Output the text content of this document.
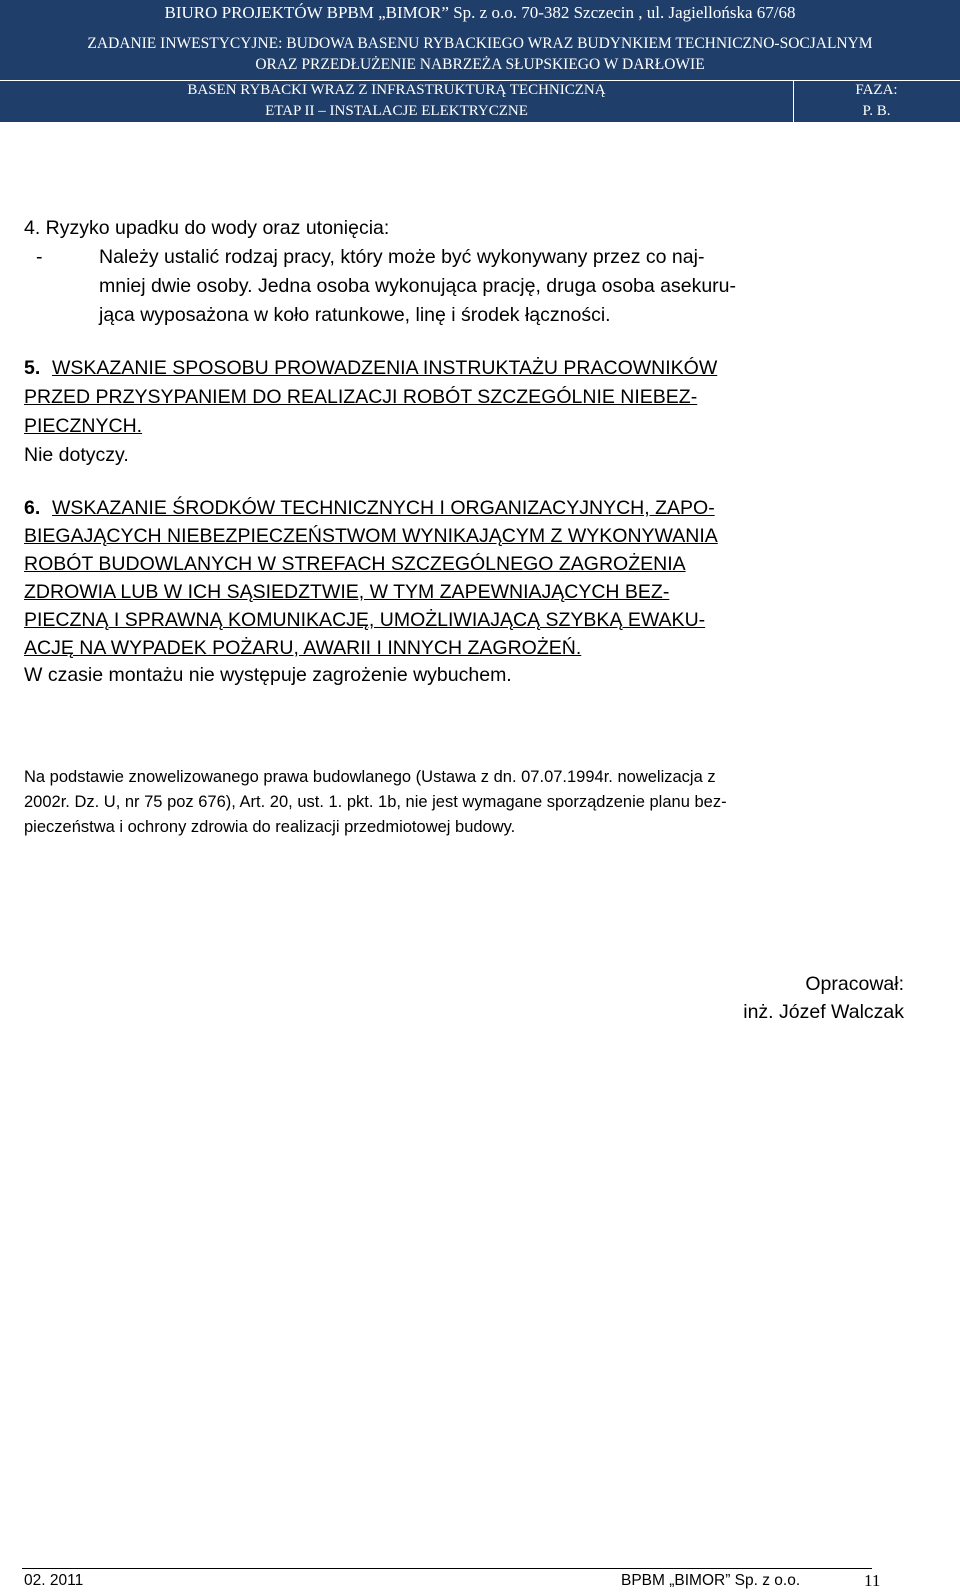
BIURO PROJEKTÓW BPBM „BIMOR” Sp. z o.o. 70-382 Szczecin , ul. Jagiellońska 67/68
ZADANIE INWESTYCYJNE: BUDOWA BASENU RYBACKIEGO WRAZ BUDYNKIEM TECHNICZNO-SOCJALNYM
ORAZ PRZEDŁUŻENIE NABRZEŻA SŁUPSKIEGO W DARŁOWIE
BASEN RYBACKI WRAZ Z INFRASTRUKTURĄ TECHNICZNĄ
ETAP II – INSTALACJE ELEKTRYCZNE
FAZA:
P. B.
4. Ryzyko upadku do wody oraz utonięcia:
-	Należy ustalić rodzaj pracy, który może być wykonywany przez co naj-
mniej dwie osoby. Jedna osoba wykonująca prację, druga osoba asekuru-
jąca wyposażona w koło ratunkowe, linę i środek łączności.
5. WSKAZANIE SPOSOBU PROWADZENIA INSTRUKTAŻU PRACOWNIKÓW
PRZED PRZYSYPANIEM DO REALIZACJI ROBÓT SZCZEGÓLNIE NIEBEZ-
PIECZNYCH.
Nie dotyczy.
6. WSKAZANIE ŚRODKÓW TECHNICZNYCH I ORGANIZACYJNYCH, ZAPO-
BIEGAJĄCYCH NIEBEZPIECZEŃSTWOM WYNIKAJĄCYM Z WYKONYWANIA
ROBÓT BUDOWLANYCH W STREFACH SZCZEGÓLNEGO ZAGROŻENIA
ZDROWIA LUB W ICH SĄSIEDZTWIE, W TYM ZAPEWNIAJĄCYCH BEZ-
PIECZNĄ I SPRAWNĄ KOMUNIKACJĘ, UMOŻLIWIAJĄCĄ SZYBKĄ EWAKU-
ACJĘ NA WYPADEK POŻARU, AWARII I INNYCH ZAGROŻEŃ.
W czasie montażu nie występuje zagrożenie wybuchem.
Na podstawie znowelizowanego prawa budowlanego (Ustawa z dn. 07.07.1994r. nowelizacja z
2002r. Dz. U, nr 75 poz 676), Art. 20, ust. 1. pkt. 1b, nie jest wymagane sporządzenie planu bez-
pieczeństwa i ochrony zdrowia do realizacji przedmiotowej budowy.
Opracował:
inż. Józef Walczak
02. 2011	BPBM „BIMOR” Sp. z o.o.	11
